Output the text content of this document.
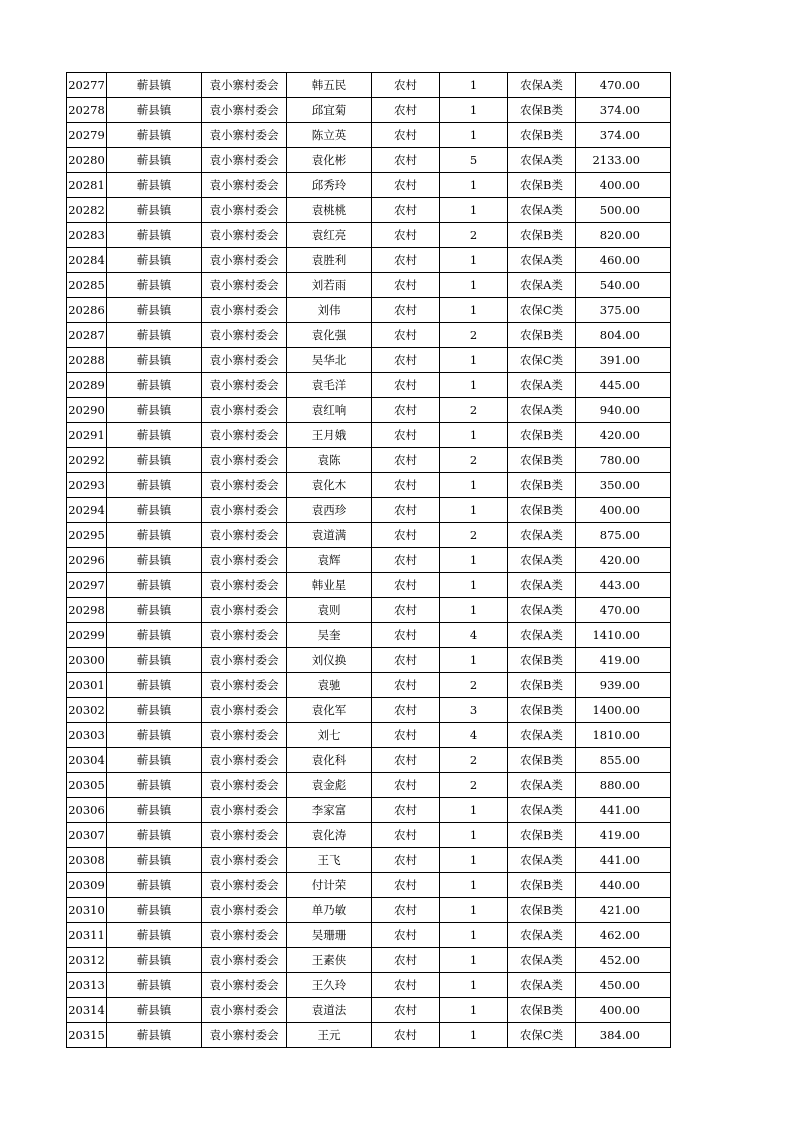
20277	蕲县镇	袁小寨村委会	韩五民	农村	1	农保A类	470.00
20278	蕲县镇	袁小寨村委会	邱宜菊	农村	1	农保B类	374.00
20279	蕲县镇	袁小寨村委会	陈立英	农村	1	农保B类	374.00
20280	蕲县镇	袁小寨村委会	袁化彬	农村	5	农保A类	2133.00
20281	蕲县镇	袁小寨村委会	邱秀玲	农村	1	农保B类	400.00
20282	蕲县镇	袁小寨村委会	袁桃桃	农村	1	农保A类	500.00
20283	蕲县镇	袁小寨村委会	袁红亮	农村	2	农保B类	820.00
20284	蕲县镇	袁小寨村委会	袁胜利	农村	1	农保A类	460.00
20285	蕲县镇	袁小寨村委会	刘若雨	农村	1	农保A类	540.00
20286	蕲县镇	袁小寨村委会	刘伟	农村	1	农保C类	375.00
20287	蕲县镇	袁小寨村委会	袁化强	农村	2	农保B类	804.00
20288	蕲县镇	袁小寨村委会	吴华北	农村	1	农保C类	391.00
20289	蕲县镇	袁小寨村委会	袁毛洋	农村	1	农保A类	445.00
20290	蕲县镇	袁小寨村委会	袁红响	农村	2	农保A类	940.00
20291	蕲县镇	袁小寨村委会	王月娥	农村	1	农保B类	420.00
20292	蕲县镇	袁小寨村委会	袁陈	农村	2	农保B类	780.00
20293	蕲县镇	袁小寨村委会	袁化木	农村	1	农保B类	350.00
20294	蕲县镇	袁小寨村委会	袁西珍	农村	1	农保B类	400.00
20295	蕲县镇	袁小寨村委会	袁道满	农村	2	农保A类	875.00
20296	蕲县镇	袁小寨村委会	袁辉	农村	1	农保A类	420.00
20297	蕲县镇	袁小寨村委会	韩业星	农村	1	农保A类	443.00
20298	蕲县镇	袁小寨村委会	袁则	农村	1	农保A类	470.00
20299	蕲县镇	袁小寨村委会	吴奎	农村	4	农保A类	1410.00
20300	蕲县镇	袁小寨村委会	刘仪换	农村	1	农保B类	419.00
20301	蕲县镇	袁小寨村委会	袁驰	农村	2	农保B类	939.00
20302	蕲县镇	袁小寨村委会	袁化军	农村	3	农保B类	1400.00
20303	蕲县镇	袁小寨村委会	刘七	农村	4	农保A类	1810.00
20304	蕲县镇	袁小寨村委会	袁化科	农村	2	农保B类	855.00
20305	蕲县镇	袁小寨村委会	袁金彪	农村	2	农保A类	880.00
20306	蕲县镇	袁小寨村委会	李家富	农村	1	农保A类	441.00
20307	蕲县镇	袁小寨村委会	袁化涛	农村	1	农保B类	419.00
20308	蕲县镇	袁小寨村委会	王飞	农村	1	农保A类	441.00
20309	蕲县镇	袁小寨村委会	付计荣	农村	1	农保B类	440.00
20310	蕲县镇	袁小寨村委会	单乃敏	农村	1	农保B类	421.00
20311	蕲县镇	袁小寨村委会	吴珊珊	农村	1	农保A类	462.00
20312	蕲县镇	袁小寨村委会	王素侠	农村	1	农保A类	452.00
20313	蕲县镇	袁小寨村委会	王久玲	农村	1	农保A类	450.00
20314	蕲县镇	袁小寨村委会	袁道法	农村	1	农保B类	400.00
20315	蕲县镇	袁小寨村委会	王元	农村	1	农保C类	384.00
